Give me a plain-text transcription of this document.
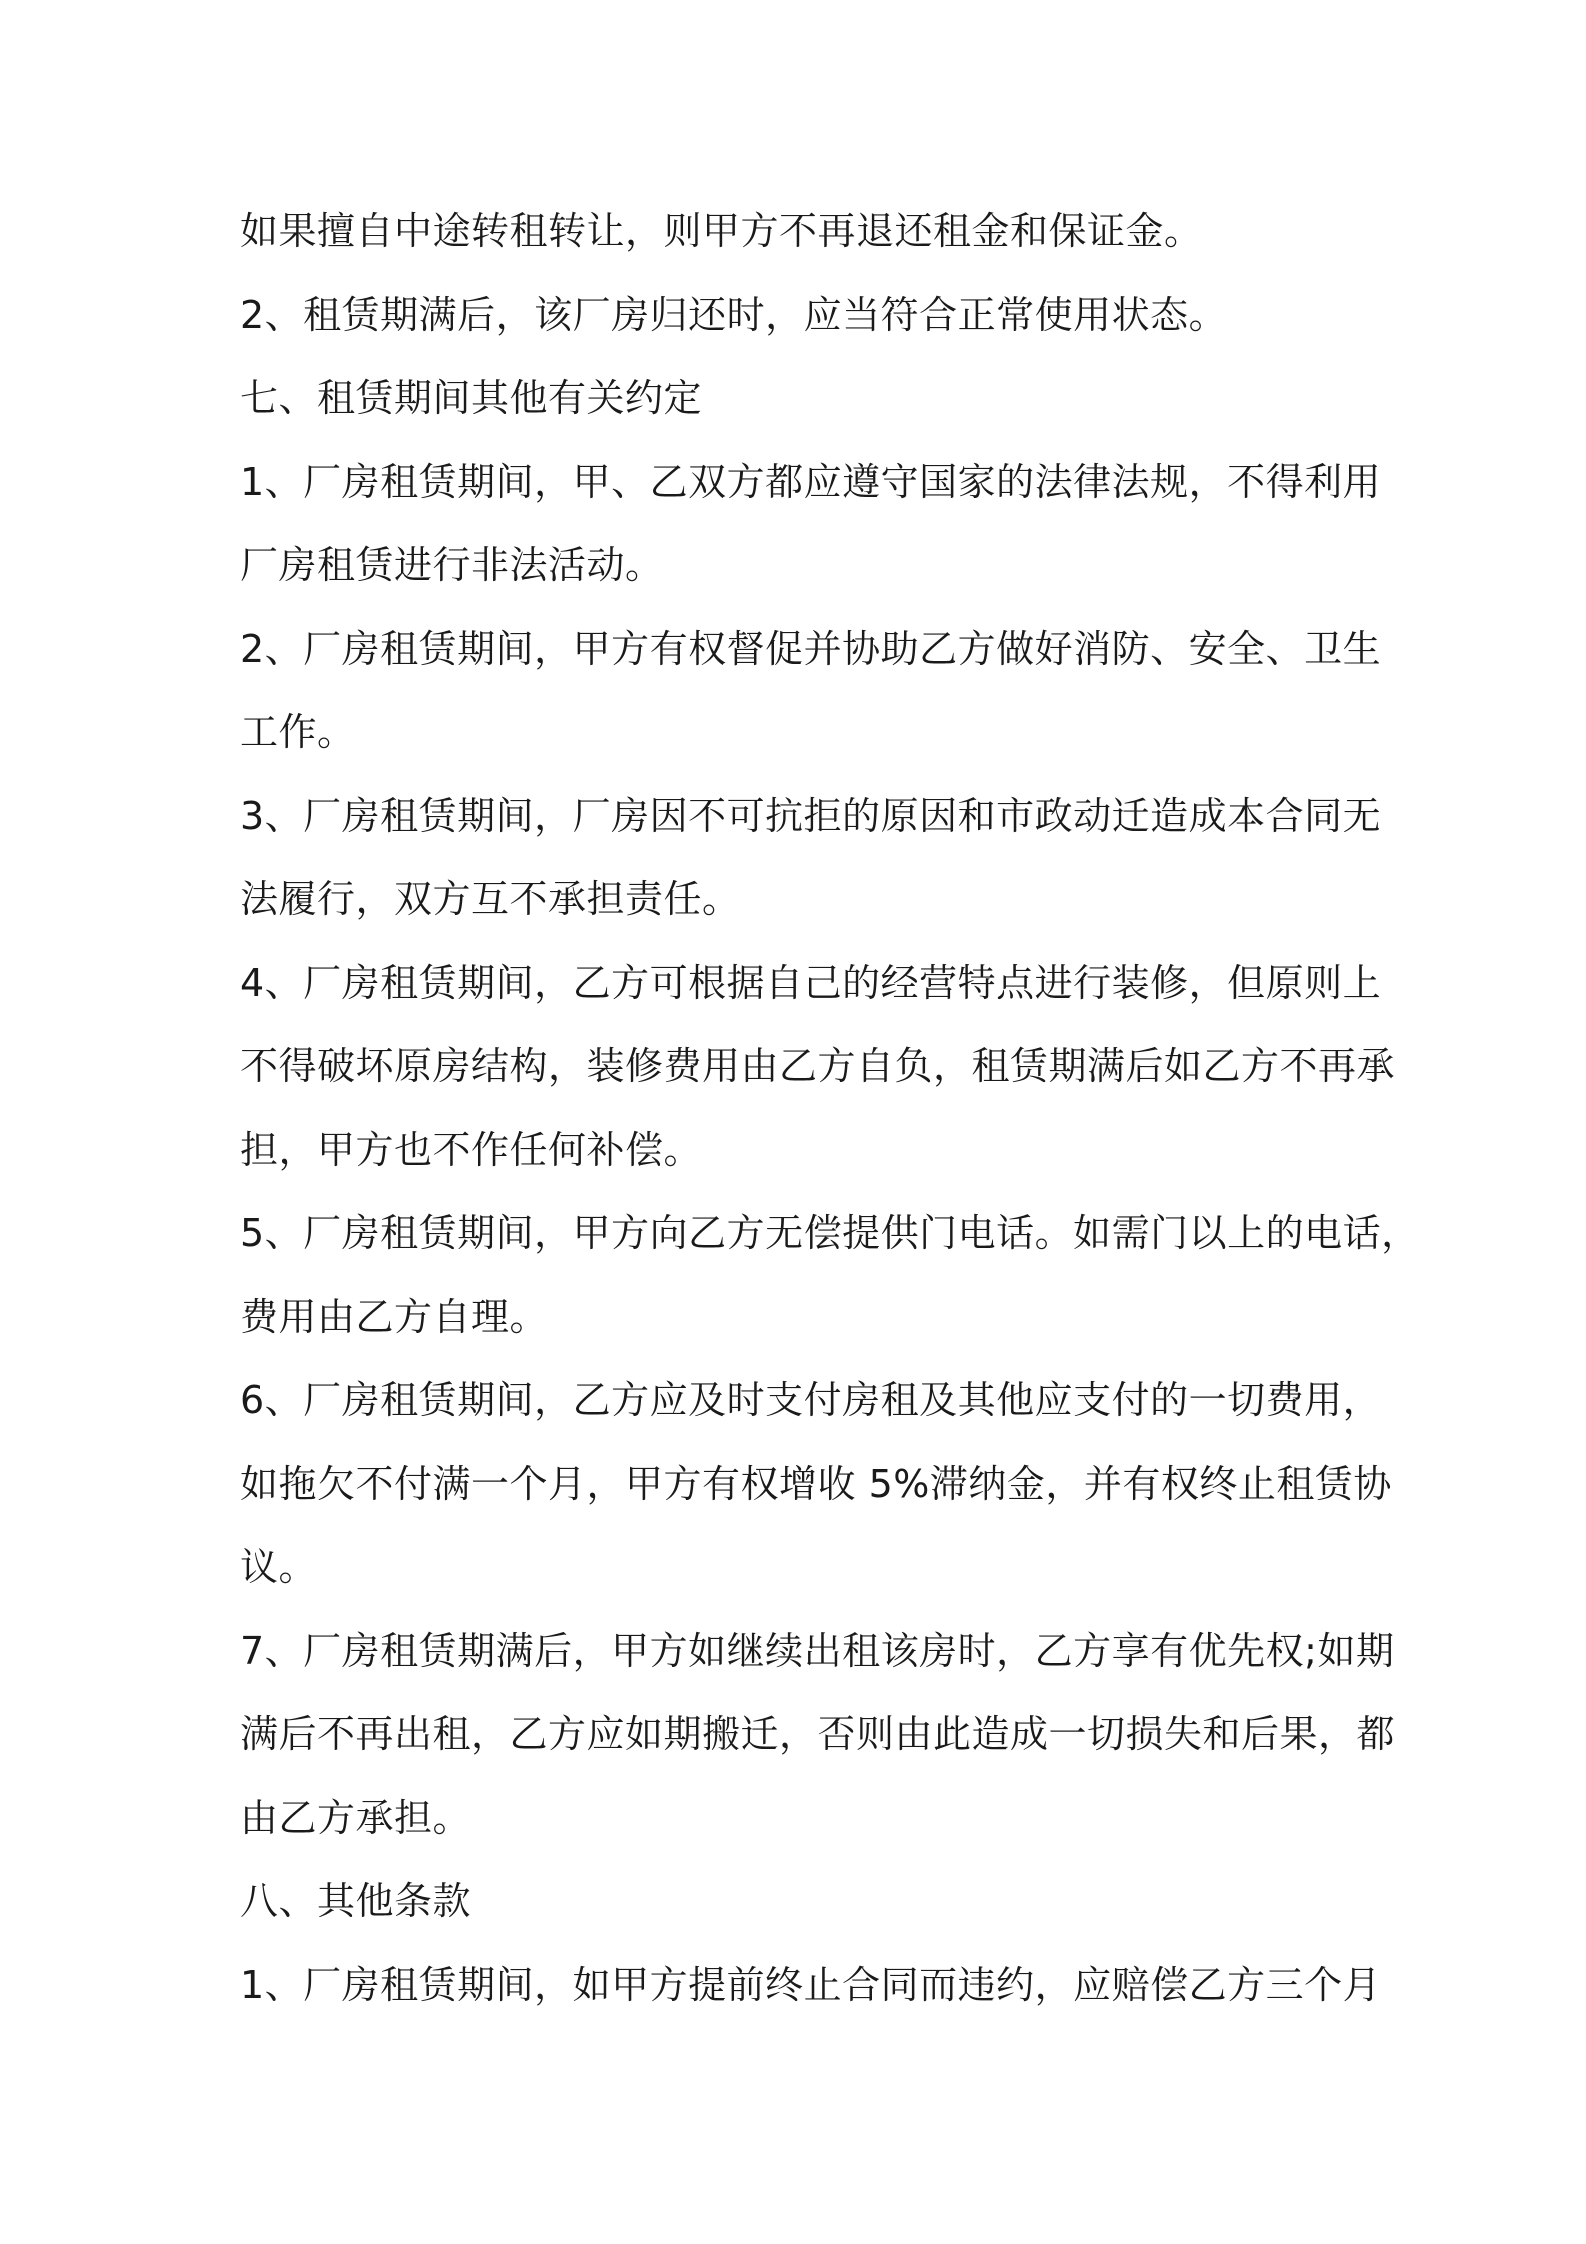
如果擅自中途转租转让，则甲方不再退还租金和保证金。
2、租赁期满后，该厂房归还时，应当符合正常使用状态。
七、租赁期间其他有关约定
1、厂房租赁期间，甲、乙双方都应遵守国家的法律法规，不得利用
厂房租赁进行非法活动。
2、厂房租赁期间，甲方有权督促并协助乙方做好消防、安全、卫生
工作。
3、厂房租赁期间，厂房因不可抗拒的原因和市政动迁造成本合同无
法履行，双方互不承担责任。
4、厂房租赁期间，乙方可根据自己的经营特点进行装修，但原则上
不得破坏原房结构，装修费用由乙方自负，租赁期满后如乙方不再承
担，甲方也不作任何补偿。
5、厂房租赁期间，甲方向乙方无偿提供门电话。如需门以上的电话，
费用由乙方自理。
6、厂房租赁期间，乙方应及时支付房租及其他应支付的一切费用，
如拖欠不付满一个月，甲方有权增收 5%滞纳金，并有权终止租赁协
议。
7、厂房租赁期满后，甲方如继续出租该房时，乙方享有优先权;如期
满后不再出租，乙方应如期搬迁，否则由此造成一切损失和后果，都
由乙方承担。
八、其他条款
1、厂房租赁期间，如甲方提前终止合同而违约，应赔偿乙方三个月
